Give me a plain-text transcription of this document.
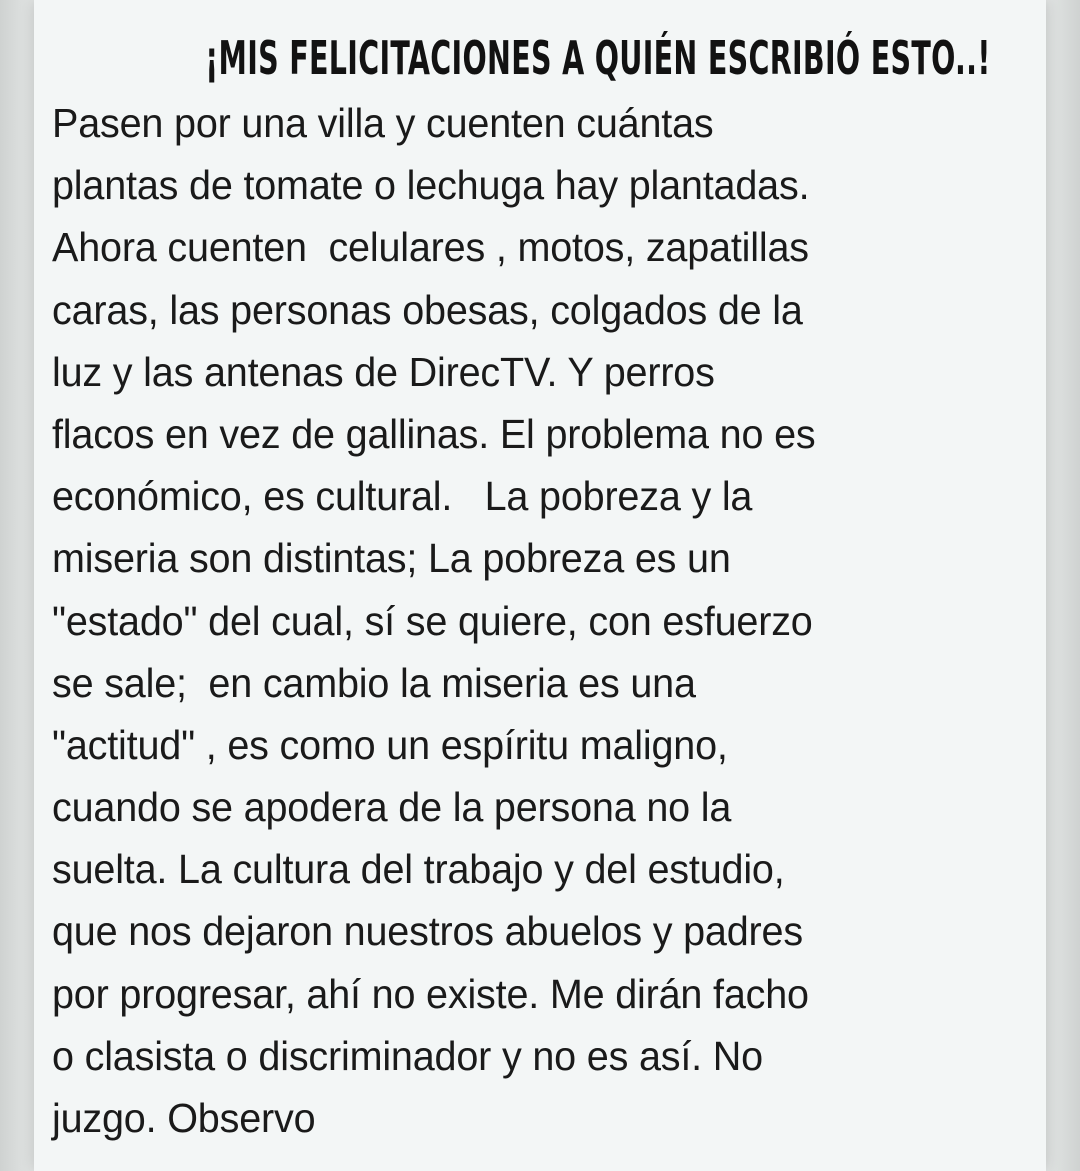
¡MIS FELICITACIONES A QUIÉN ESCRIBIÓ ESTO..!
Pasen por una villa y cuenten cuántas
plantas de tomate o lechuga hay plantadas.
Ahora cuenten  celulares , motos, zapatillas
caras, las personas obesas, colgados de la
luz y las antenas de DirecTV. Y perros
flacos en vez de gallinas. El problema no es
económico, es cultural.   La pobreza y la
miseria son distintas; La pobreza es un
"estado" del cual, sí se quiere, con esfuerzo
se sale;  en cambio la miseria es una
"actitud" , es como un espíritu maligno,
cuando se apodera de la persona no la
suelta. La cultura del trabajo y del estudio,
que nos dejaron nuestros abuelos y padres
por progresar, ahí no existe. Me dirán facho
o clasista o discriminador y no es así. No
juzgo. Observo
